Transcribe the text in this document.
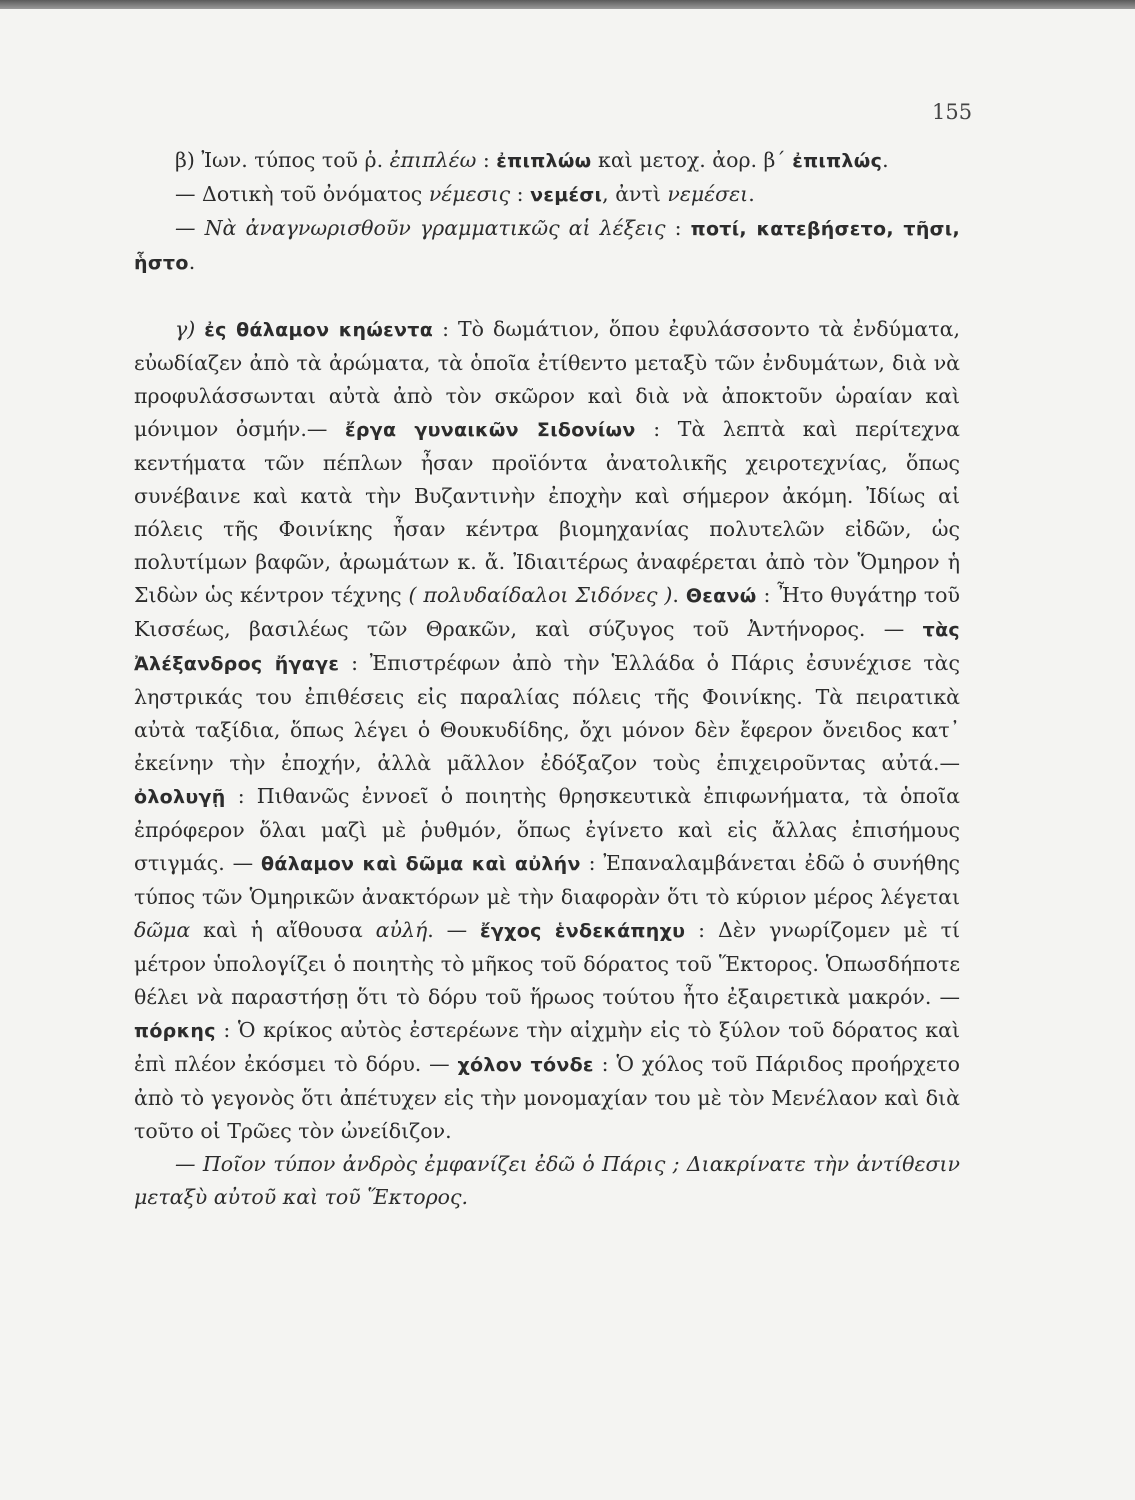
155

β) Ἰων. τύπος τοῦ ῥ. ἐπιπλέω : ἐπιπλώω καὶ μετοχ. ἀορ. β΄ ἐπιπλώς.

— Δοτικὴ τοῦ ὀνόματος νέμεσις : νεμέσι, ἀντὶ νεμέσει.

— Νὰ ἀναγνωρισθοῦν γραμματικῶς αἱ λέξεις : ποτί, κατεβήσετο, τῆσι, ἧστο.

γ) ἐς θάλαμον κηώεντα : Τὸ δωμάτιον, ὅπου ἐφυλάσσοντο τὰ ἐνδύματα, εὐωδίαζεν ἀπὸ τὰ ἀρώματα, τὰ ὁποῖα ἐτίθεντο μεταξὺ τῶν ἐνδυμάτων, διὰ νὰ προφυλάσσωνται αὐτὰ ἀπὸ τὸν σκῶρον καὶ διὰ νὰ ἀποκτοῦν ὡραίαν καὶ μόνιμον ὀσμήν.— ἔργα γυναικῶν Σιδονίων : Τὰ λεπτὰ καὶ περίτεχνα κεντήματα τῶν πέπλων ἦσαν προϊόντα ἀνατολικῆς χειροτεχνίας, ὅπως συνέβαινε καὶ κατὰ τὴν Βυζαντινὴν ἐποχὴν καὶ σήμερον ἀκόμη. Ἰδίως αἱ πόλεις τῆς Φοινίκης ἦσαν κέντρα βιομηχανίας πολυτελῶν εἰδῶν, ὡς πολυτίμων βαφῶν, ἀρωμάτων κ. ἄ. Ἰδιαιτέρως ἀναφέρεται ἀπὸ τὸν Ὅμηρον ἡ Σιδὼν ὡς κέντρον τέχνης ( πολυδαίδαλοι Σιδόνες ). Θεανώ : Ἦτο θυγάτηρ τοῦ Κισσέως, βασιλέως τῶν Θρακῶν, καὶ σύζυγος τοῦ Ἀντήνορος. — τὰς Ἀλέξανδρος ἤγαγε : Ἐπιστρέφων ἀπὸ τὴν Ἑλλάδα ὁ Πάρις ἐσυνέχισε τὰς ληστρικάς του ἐπιθέσεις εἰς παραλίας πόλεις τῆς Φοινίκης. Τὰ πειρατικὰ αὐτὰ ταξίδια, ὅπως λέγει ὁ Θουκυδίδης, ὄχι μόνον δὲν ἔφερον ὄνειδος κατ᾿ ἐκείνην τὴν ἐποχήν, ἀλλὰ μᾶλλον ἐδόξαζον τοὺς ἐπιχειροῦντας αὐτά.— ὀλολυγῇ : Πιθανῶς ἐννοεῖ ὁ ποιητὴς θρησκευτικὰ ἐπιφωνήματα, τὰ ὁποῖα ἐπρόφερον ὅλαι μαζὶ μὲ ῥυθμόν, ὅπως ἐγίνετο καὶ εἰς ἄλλας ἐπισήμους στιγμάς. — θάλαμον καὶ δῶμα καὶ αὐλήν : Ἐπαναλαμβάνεται ἐδῶ ὁ συνήθης τύπος τῶν Ὁμηρικῶν ἀνακτόρων μὲ τὴν διαφορὰν ὅτι τὸ κύριον μέρος λέγεται δῶμα καὶ ἡ αἴθουσα αὐλή. — ἔγχος ἑνδεκάπηχυ : Δὲν γνωρίζομεν μὲ τί μέτρον ὑπολογίζει ὁ ποιητὴς τὸ μῆκος τοῦ δόρατος τοῦ Ἕκτορος. Ὁπωσδήποτε θέλει νὰ παραστήσῃ ὅτι τὸ δόρυ τοῦ ἥρωος τούτου ἦτο ἐξαιρετικὰ μακρόν. — πόρκης : Ὁ κρίκος αὐτὸς ἐστερέωνε τὴν αἰχμὴν εἰς τὸ ξύλον τοῦ δόρατος καὶ ἐπὶ πλέον ἐκόσμει τὸ δόρυ. — χόλον τόνδε : Ὁ χόλος τοῦ Πάριδος προήρχετο ἀπὸ τὸ γεγονὸς ὅτι ἀπέτυχεν εἰς τὴν μονομαχίαν του μὲ τὸν Μενέλαον καὶ διὰ τοῦτο οἱ Τρῶες τὸν ὠνείδιζον.

— Ποῖον τύπον ἀνδρὸς ἐμφανίζει ἐδῶ ὁ Πάρις ; Διακρίνατε τὴν ἀντίθεσιν μεταξὺ αὐτοῦ καὶ τοῦ Ἕκτορος.
